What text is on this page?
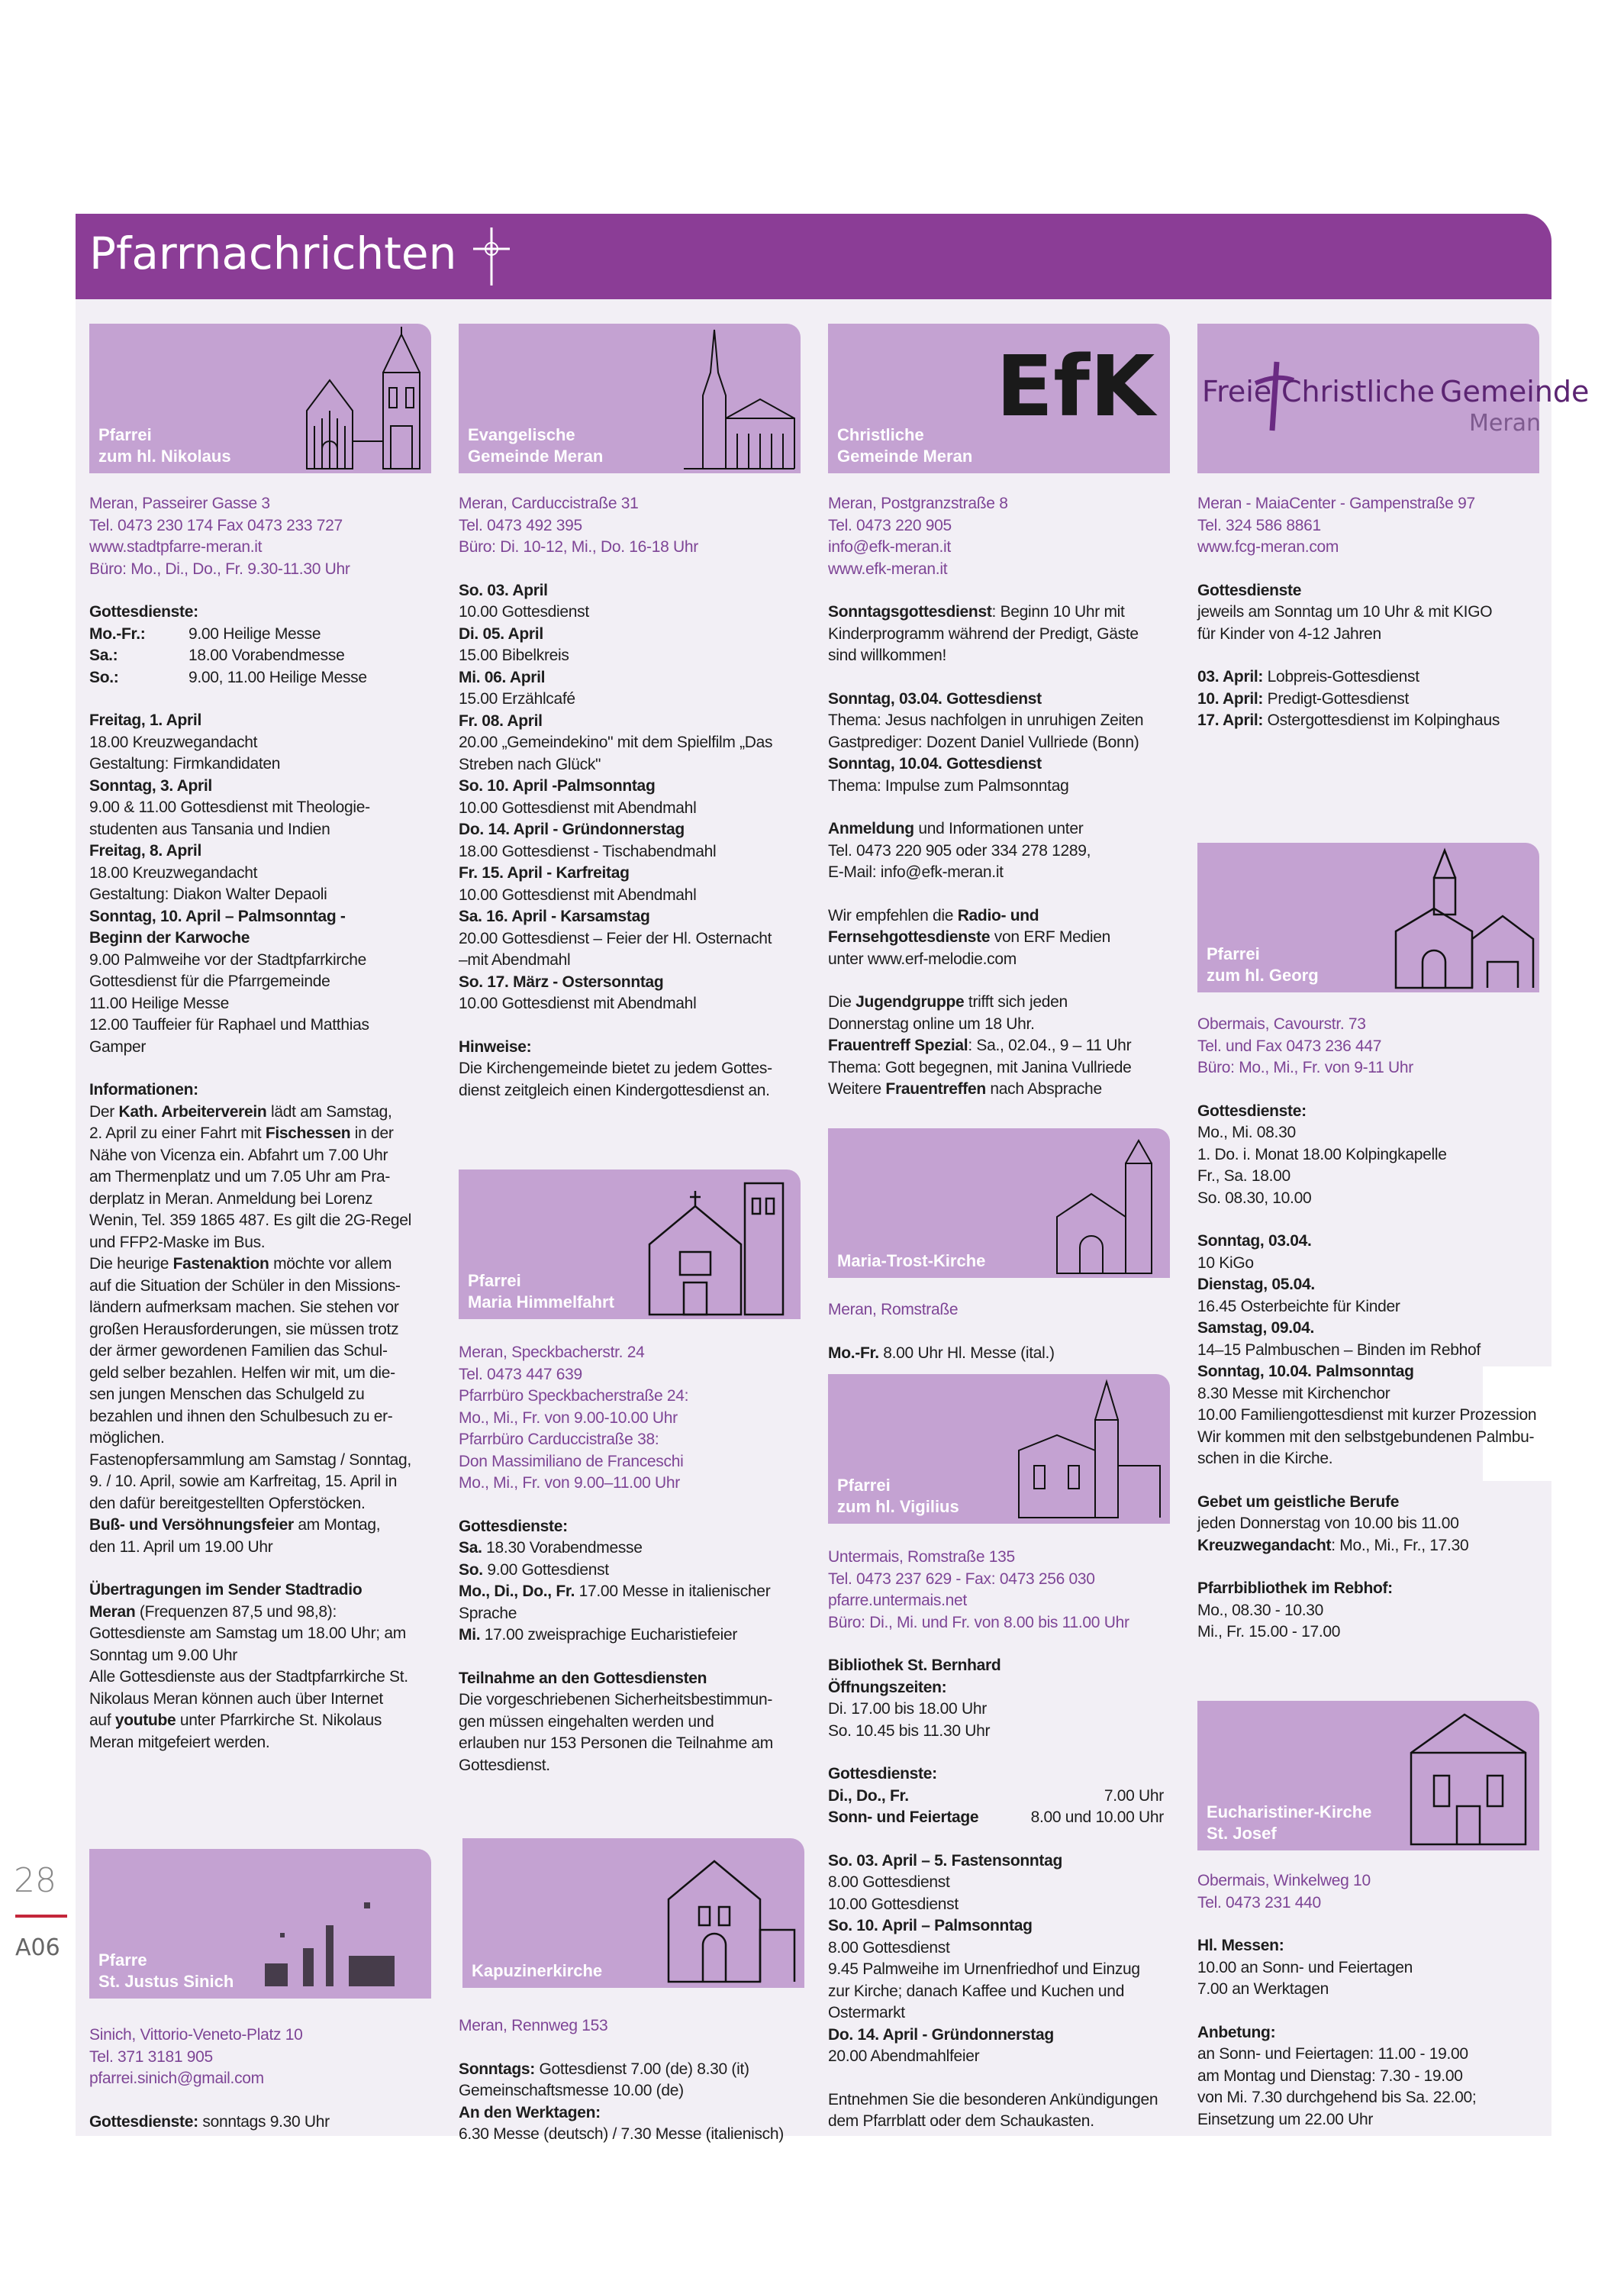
Pfarrnachrichten
28
A06
Pfarrei
zum hl. Nikolaus

Meran, Passeirer Gasse 3

Tel. 0473 230 174 Fax 0473 233 727

www.stadtpfarre-meran.it

Büro: Mo., Di., Do., Fr. 9.30-11.30 Uhr

Gottesdienste:

Mo.-Fr.:	9.00 Heilige Messe

Sa.:	18.00 Vorabendmesse

So.:	9.00, 11.00 Heilige Messe

Freitag, 1. April

18.00 Kreuzwegandacht

Gestaltung: Firmkandidaten

Sonntag, 3. April

9.00 & 11.00 Gottesdienst mit Theologie-

studenten aus Tansania und Indien

Freitag, 8. April

18.00 Kreuzwegandacht

Gestaltung: Diakon Walter Depaoli

Sonntag, 10. April – Palmsonntag -

Beginn der Karwoche

9.00 Palmweihe vor der Stadtpfarrkirche

Gottesdienst für die Pfarrgemeinde

11.00 Heilige Messe

12.00 Tauffeier für Raphael und Matthias

Gamper

Informationen:

Der Kath. Arbeiterverein lädt am Samstag,

2. April zu einer Fahrt mit Fischessen in der

Nähe von Vicenza ein. Abfahrt um 7.00 Uhr

am Thermenplatz und um 7.05 Uhr am Pra-

derplatz in Meran. Anmeldung bei Lorenz

Wenin, Tel. 359 1865 487. Es gilt die 2G-Regel

und FFP2-Maske im Bus.

Die heurige Fastenaktion möchte vor allem

auf die Situation der Schüler in den Missions-

ländern aufmerksam machen. Sie stehen vor

großen Herausforderungen, sie müssen trotz

der ärmer gewordenen Familien das Schul-

geld selber bezahlen. Helfen wir mit, um die-

sen jungen Menschen das Schulgeld zu

bezahlen und ihnen den Schulbesuch zu er-

möglichen.

Fastenopfersammlung am Samstag / Sonntag,

9. / 10. April, sowie am Karfreitag, 15. April in

den dafür bereitgestellten Opferstöcken.

Buß- und Versöhnungsfeier am Montag,

den 11. April um 19.00 Uhr

Übertragungen im Sender Stadtradio

Meran (Frequenzen 87,5 und 98,8):

Gottesdienste am Samstag um 18.00 Uhr; am

Sonntag um 9.00 Uhr

Alle Gottesdienste aus der Stadtpfarrkirche St.

Nikolaus Meran können auch über Internet

auf youtube unter Pfarrkirche St. Nikolaus

Meran mitgefeiert werden.

Pfarre
St. Justus Sinich

Sinich, Vittorio-Veneto-Platz 10

Tel. 371 3181 905

pfarrei.sinich@gmail.com

Gottesdienste: sonntags 9.30 Uhr

Evangelische
Gemeinde Meran

Meran, Carduccistraße 31

Tel. 0473 492 395

Büro: Di. 10-12, Mi., Do. 16-18 Uhr

So. 03. April

10.00 Gottesdienst

Di. 05. April

15.00 Bibelkreis

Mi. 06. April

15.00 Erzählcafé

Fr. 08. April

20.00 „Gemeindekino" mit dem Spielfilm „Das

Streben nach Glück"

So. 10. April -Palmsonntag

10.00 Gottesdienst mit Abendmahl

Do. 14. April - Gründonnerstag

18.00 Gottesdienst - Tischabendmahl

Fr. 15. April - Karfreitag

10.00 Gottesdienst mit Abendmahl

Sa. 16. April - Karsamstag

20.00 Gottesdienst – Feier der Hl. Osternacht

–mit Abendmahl

So. 17. März - Ostersonntag

10.00 Gottesdienst mit Abendmahl

Hinweise:

Die Kirchengemeinde bietet zu jedem Gottes-

dienst zeitgleich einen Kindergottesdienst an.

Pfarrei
Maria Himmelfahrt

Meran, Speckbacherstr. 24

Tel. 0473 447 639

Pfarrbüro Speckbacherstraße 24:

Mo., Mi., Fr. von 9.00-10.00 Uhr

Pfarrbüro Carduccistraße 38:

Don Massimiliano de Franceschi

Mo., Mi., Fr. von 9.00–11.00 Uhr

Gottesdienste:

Sa. 18.30 Vorabendmesse

So. 9.00 Gottesdienst

Mo., Di., Do., Fr. 17.00 Messe in italienischer

Sprache

Mi. 17.00 zweisprachige Eucharistiefeier

Teilnahme an den Gottesdiensten

Die vorgeschriebenen Sicherheitsbestimmun-

gen müssen eingehalten werden und

erlauben nur 153 Personen die Teilnahme am

Gottesdienst.

Kapuzinerkirche

Meran, Rennweg 153

Sonntags: Gottesdienst 7.00 (de) 8.30 (it)

Gemeinschaftsmesse 10.00 (de)

An den Werktagen:

6.30 Messe (deutsch) / 7.30 Messe (italienisch)

EfK
Christliche
Gemeinde Meran

Meran, Postgranzstraße 8

Tel. 0473 220 905

info@efk-meran.it

www.efk-meran.it

Sonntagsgottesdienst: Beginn 10 Uhr mit

Kinderprogramm während der Predigt, Gäste

sind willkommen!

Sonntag, 03.04. Gottesdienst

Thema: Jesus nachfolgen in unruhigen Zeiten

Gastprediger: Dozent Daniel Vullriede (Bonn)

Sonntag, 10.04. Gottesdienst

Thema: Impulse zum Palmsonntag

Anmeldung und Informationen unter

Tel. 0473 220 905 oder 334 278 1289,

E-Mail: info@efk-meran.it

Wir empfehlen die Radio- und

Fernsehgottesdienste von ERF Medien

unter www.erf-melodie.com

Die Jugendgruppe trifft sich jeden

Donnerstag online um 18 Uhr.

Frauentreff Spezial: Sa., 02.04., 9 – 11 Uhr

Thema: Gott begegnen, mit Janina Vullriede

Weitere Frauentreffen nach Absprache

Maria-Trost-Kirche

Meran, Romstraße

Mo.-Fr. 8.00 Uhr Hl. Messe (ital.)

Pfarrei
zum hl. Vigilius

Untermais, Romstraße 135

Tel. 0473 237 629 - Fax: 0473 256 030

pfarre.untermais.net

Büro: Di., Mi. und Fr. von 8.00 bis 11.00 Uhr

Bibliothek St. Bernhard

Öffnungszeiten:

Di. 17.00 bis 18.00 Uhr

So. 10.45 bis 11.30 Uhr

Gottesdienste:

Di., Do., Fr.	7.00 Uhr

Sonn- und Feiertage	8.00 und 10.00 Uhr

So. 03. April – 5. Fastensonntag

8.00 Gottesdienst

10.00 Gottesdienst

So. 10. April – Palmsonntag

8.00 Gottesdienst

9.45 Palmweihe im Urnenfriedhof und Einzug

zur Kirche; danach Kaffee und Kuchen und

Ostermarkt

Do. 14. April - Gründonnerstag

20.00 Abendmahlfeier

Entnehmen Sie die besonderen Ankündigungen

dem Pfarrblatt oder dem Schaukasten.

Freie Christliche Gemeinde
Meran

Meran - MaiaCenter - Gampenstraße 97

Tel. 324 586 8861

www.fcg-meran.com

Gottesdienste

jeweils am Sonntag um 10 Uhr & mit KIGO

für Kinder von 4-12 Jahren

03. April: Lobpreis-Gottesdienst

10. April: Predigt-Gottesdienst

17. April: Ostergottesdienst im Kolpinghaus

Pfarrei
zum hl. Georg

Obermais, Cavourstr. 73

Tel. und Fax 0473 236 447

Büro: Mo., Mi., Fr. von 9-11 Uhr

Gottesdienste:

Mo., Mi. 08.30

1. Do. i. Monat 18.00 Kolpingkapelle

Fr., Sa. 18.00

So. 08.30, 10.00

Sonntag, 03.04.

10 KiGo

Dienstag, 05.04.

16.45 Osterbeichte für Kinder

Samstag, 09.04.

14–15 Palmbuschen – Binden im Rebhof

Sonntag, 10.04. Palmsonntag

8.30 Messe mit Kirchenchor

10.00 Familiengottesdienst mit kurzer Prozession

Wir kommen mit den selbstgebundenen Palmbu-

schen in die Kirche.

Gebet um geistliche Berufe

jeden Donnerstag von 10.00 bis 11.00

Kreuzwegandacht: Mo., Mi., Fr., 17.30

Pfarrbibliothek im Rebhof:

Mo., 08.30 - 10.30

Mi., Fr. 15.00 - 17.00

Eucharistiner-Kirche
St. Josef

Obermais, Winkelweg 10

Tel. 0473 231 440

Hl. Messen:

10.00 an Sonn- und Feiertagen

7.00 an Werktagen

Anbetung:

an Sonn- und Feiertagen: 11.00 - 19.00

am Montag und Dienstag: 7.30 - 19.00

von Mi. 7.30 durchgehend bis Sa. 22.00;

Einsetzung um 22.00 Uhr
